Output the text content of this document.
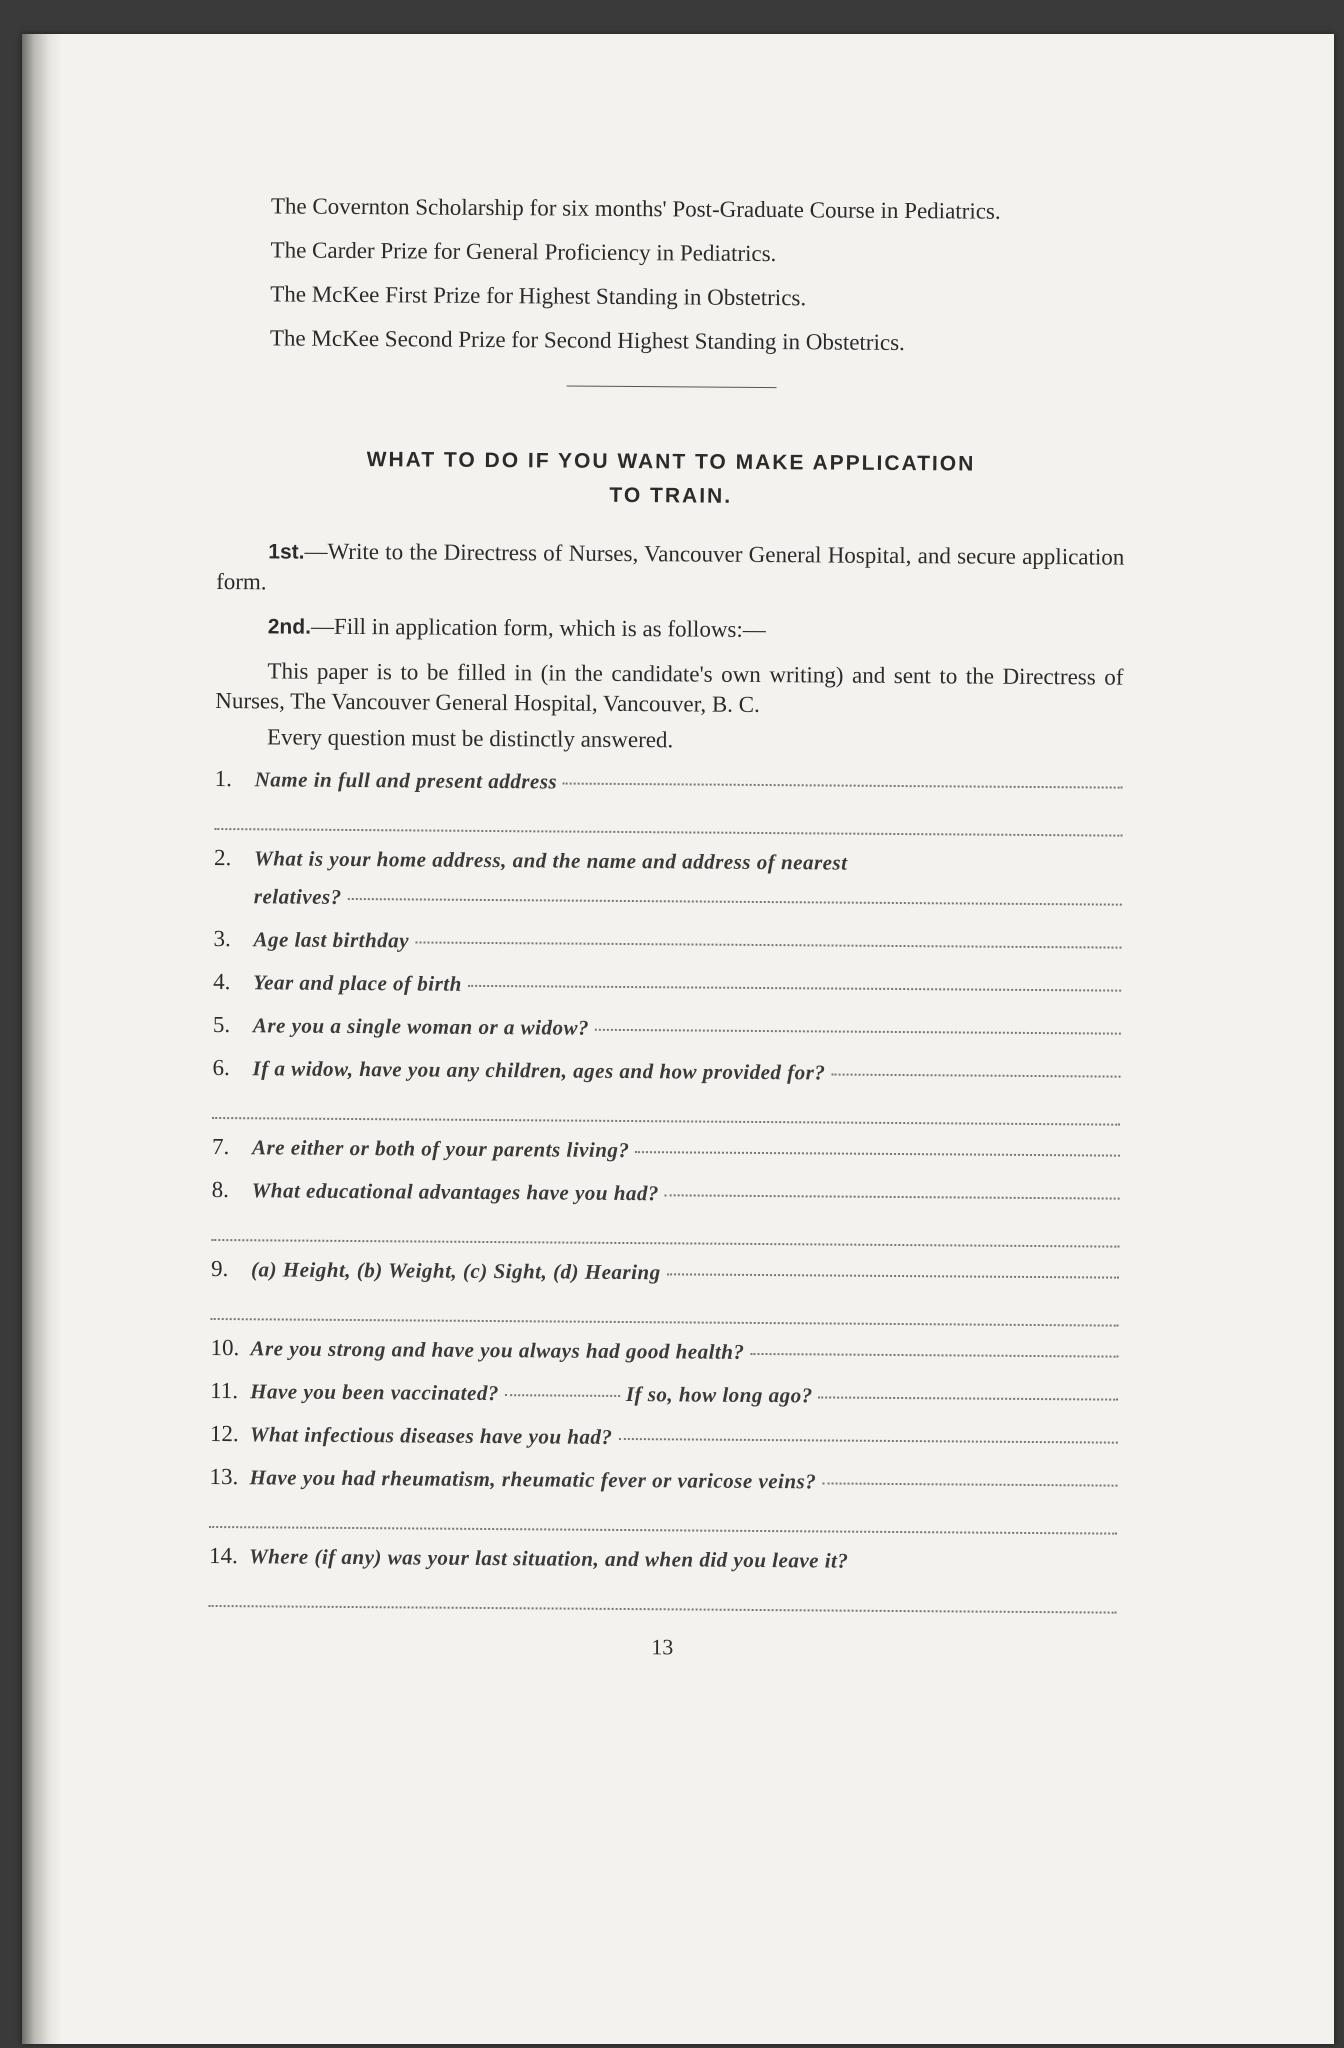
The Covernton Scholarship for six months' Post-Graduate Course in Pediatrics.

The Carder Prize for General Proficiency in Pediatrics.

The McKee First Prize for Highest Standing in Obstetrics.

The McKee Second Prize for Second Highest Standing in Obstetrics.

WHAT TO DO IF YOU WANT TO MAKE APPLICATION
TO TRAIN.

1st.—Write to the Directress of Nurses, Vancouver General Hospital, and secure application form.

2nd.—Fill in application form, which is as follows:—

This paper is to be filled in (in the candidate's own writing) and sent to the Directress of Nurses, The Vancouver General Hospital, Vancouver, B. C.

Every question must be distinctly answered.

1.	Name in full and present address
2.	What is your home address, and the name and address of nearest
relatives?
3.	Age last birthday
4.	Year and place of birth
5.	Are you a single woman or a widow?
6.	If a widow, have you any children, ages and how provided for?
7.	Are either or both of your parents living?
8.	What educational advantages have you had?
9.	(a) Height, (b) Weight, (c) Sight, (d) Hearing
10. Are you strong and have you always had good health?
11. Have you been vaccinated?	If so, how long ago?
12. What infectious diseases have you had?
13. Have you had rheumatism, rheumatic fever or varicose veins?
14. Where (if any) was your last situation, and when did you leave it?
13
